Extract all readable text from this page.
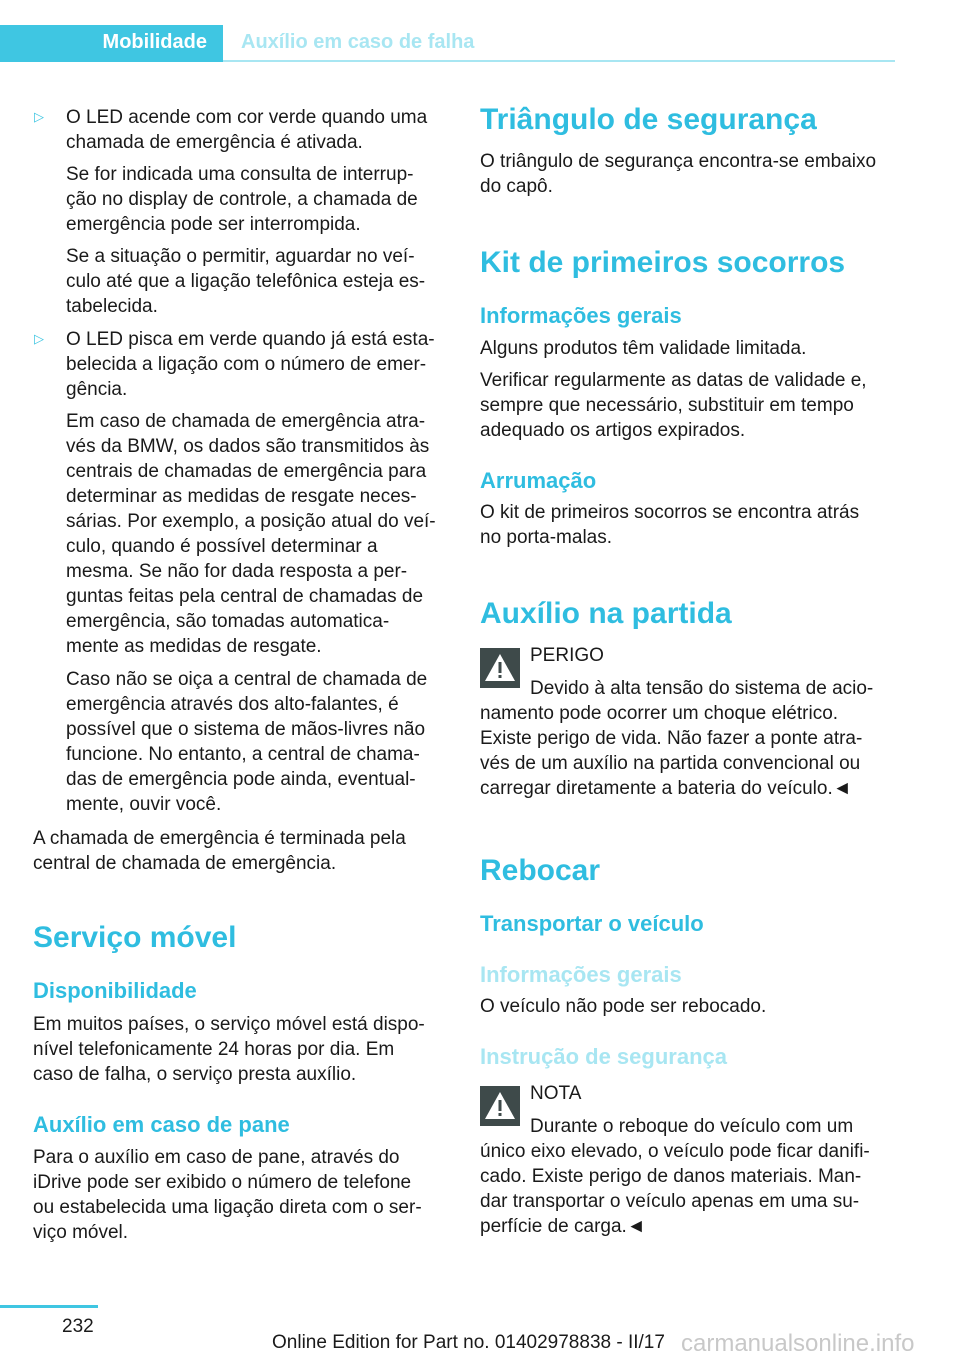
Mobilidade Auxílio em caso de falha
▷ O LED acende com cor verde quando uma
chamada de emergência é ativada.
Se for indicada uma consulta de interrup-
ção no display de controle, a chamada de
emergência pode ser interrompida.
Se a situação o permitir, aguardar no veí-
culo até que a ligação telefônica esteja es-
tabelecida.
▷ O LED pisca em verde quando já está esta-
belecida a ligação com o número de emer-
gência.
Em caso de chamada de emergência atra-
vés da BMW, os dados são transmitidos às
centrais de chamadas de emergência para
determinar as medidas de resgate neces-
sárias. Por exemplo, a posição atual do veí-
culo, quando é possível determinar a
mesma. Se não for dada resposta a per-
guntas feitas pela central de chamadas de
emergência, são tomadas automatica-
mente as medidas de resgate.
Caso não se oiça a central de chamada de
emergência através dos alto-falantes, é
possível que o sistema de mãos-livres não
funcione. No entanto, a central de chama-
das de emergência pode ainda, eventual-
mente, ouvir você.
A chamada de emergência é terminada pela
central de chamada de emergência.
Serviço móvel
Disponibilidade
Em muitos países, o serviço móvel está dispo-
nível telefonicamente 24 horas por dia. Em
caso de falha, o serviço presta auxílio.
Auxílio em caso de pane
Para o auxílio em caso de pane, através do
iDrive pode ser exibido o número de telefone
ou estabelecida uma ligação direta com o ser-
viço móvel.
Triângulo de segurança
O triângulo de segurança encontra-se embaixo
do capô.
Kit de primeiros socorros
Informações gerais
Alguns produtos têm validade limitada.
Verificar regularmente as datas de validade e,
sempre que necessário, substituir em tempo
adequado os artigos expirados.
Arrumação
O kit de primeiros socorros se encontra atrás
no porta-malas.
Auxílio na partida
PERIGO
Devido à alta tensão do sistema de acio-
namento pode ocorrer um choque elétrico.
Existe perigo de vida. Não fazer a ponte atra-
vés de um auxílio na partida convencional ou
carregar diretamente a bateria do veículo.◄
Rebocar
Transportar o veículo
Informações gerais
O veículo não pode ser rebocado.
Instrução de segurança
NOTA
Durante o reboque do veículo com um
único eixo elevado, o veículo pode ficar danifi-
cado. Existe perigo de danos materiais. Man-
dar transportar o veículo apenas em uma su-
perfície de carga.◄
232
Online Edition for Part no. 01402978838 - II/17 carmanualsonline.info
